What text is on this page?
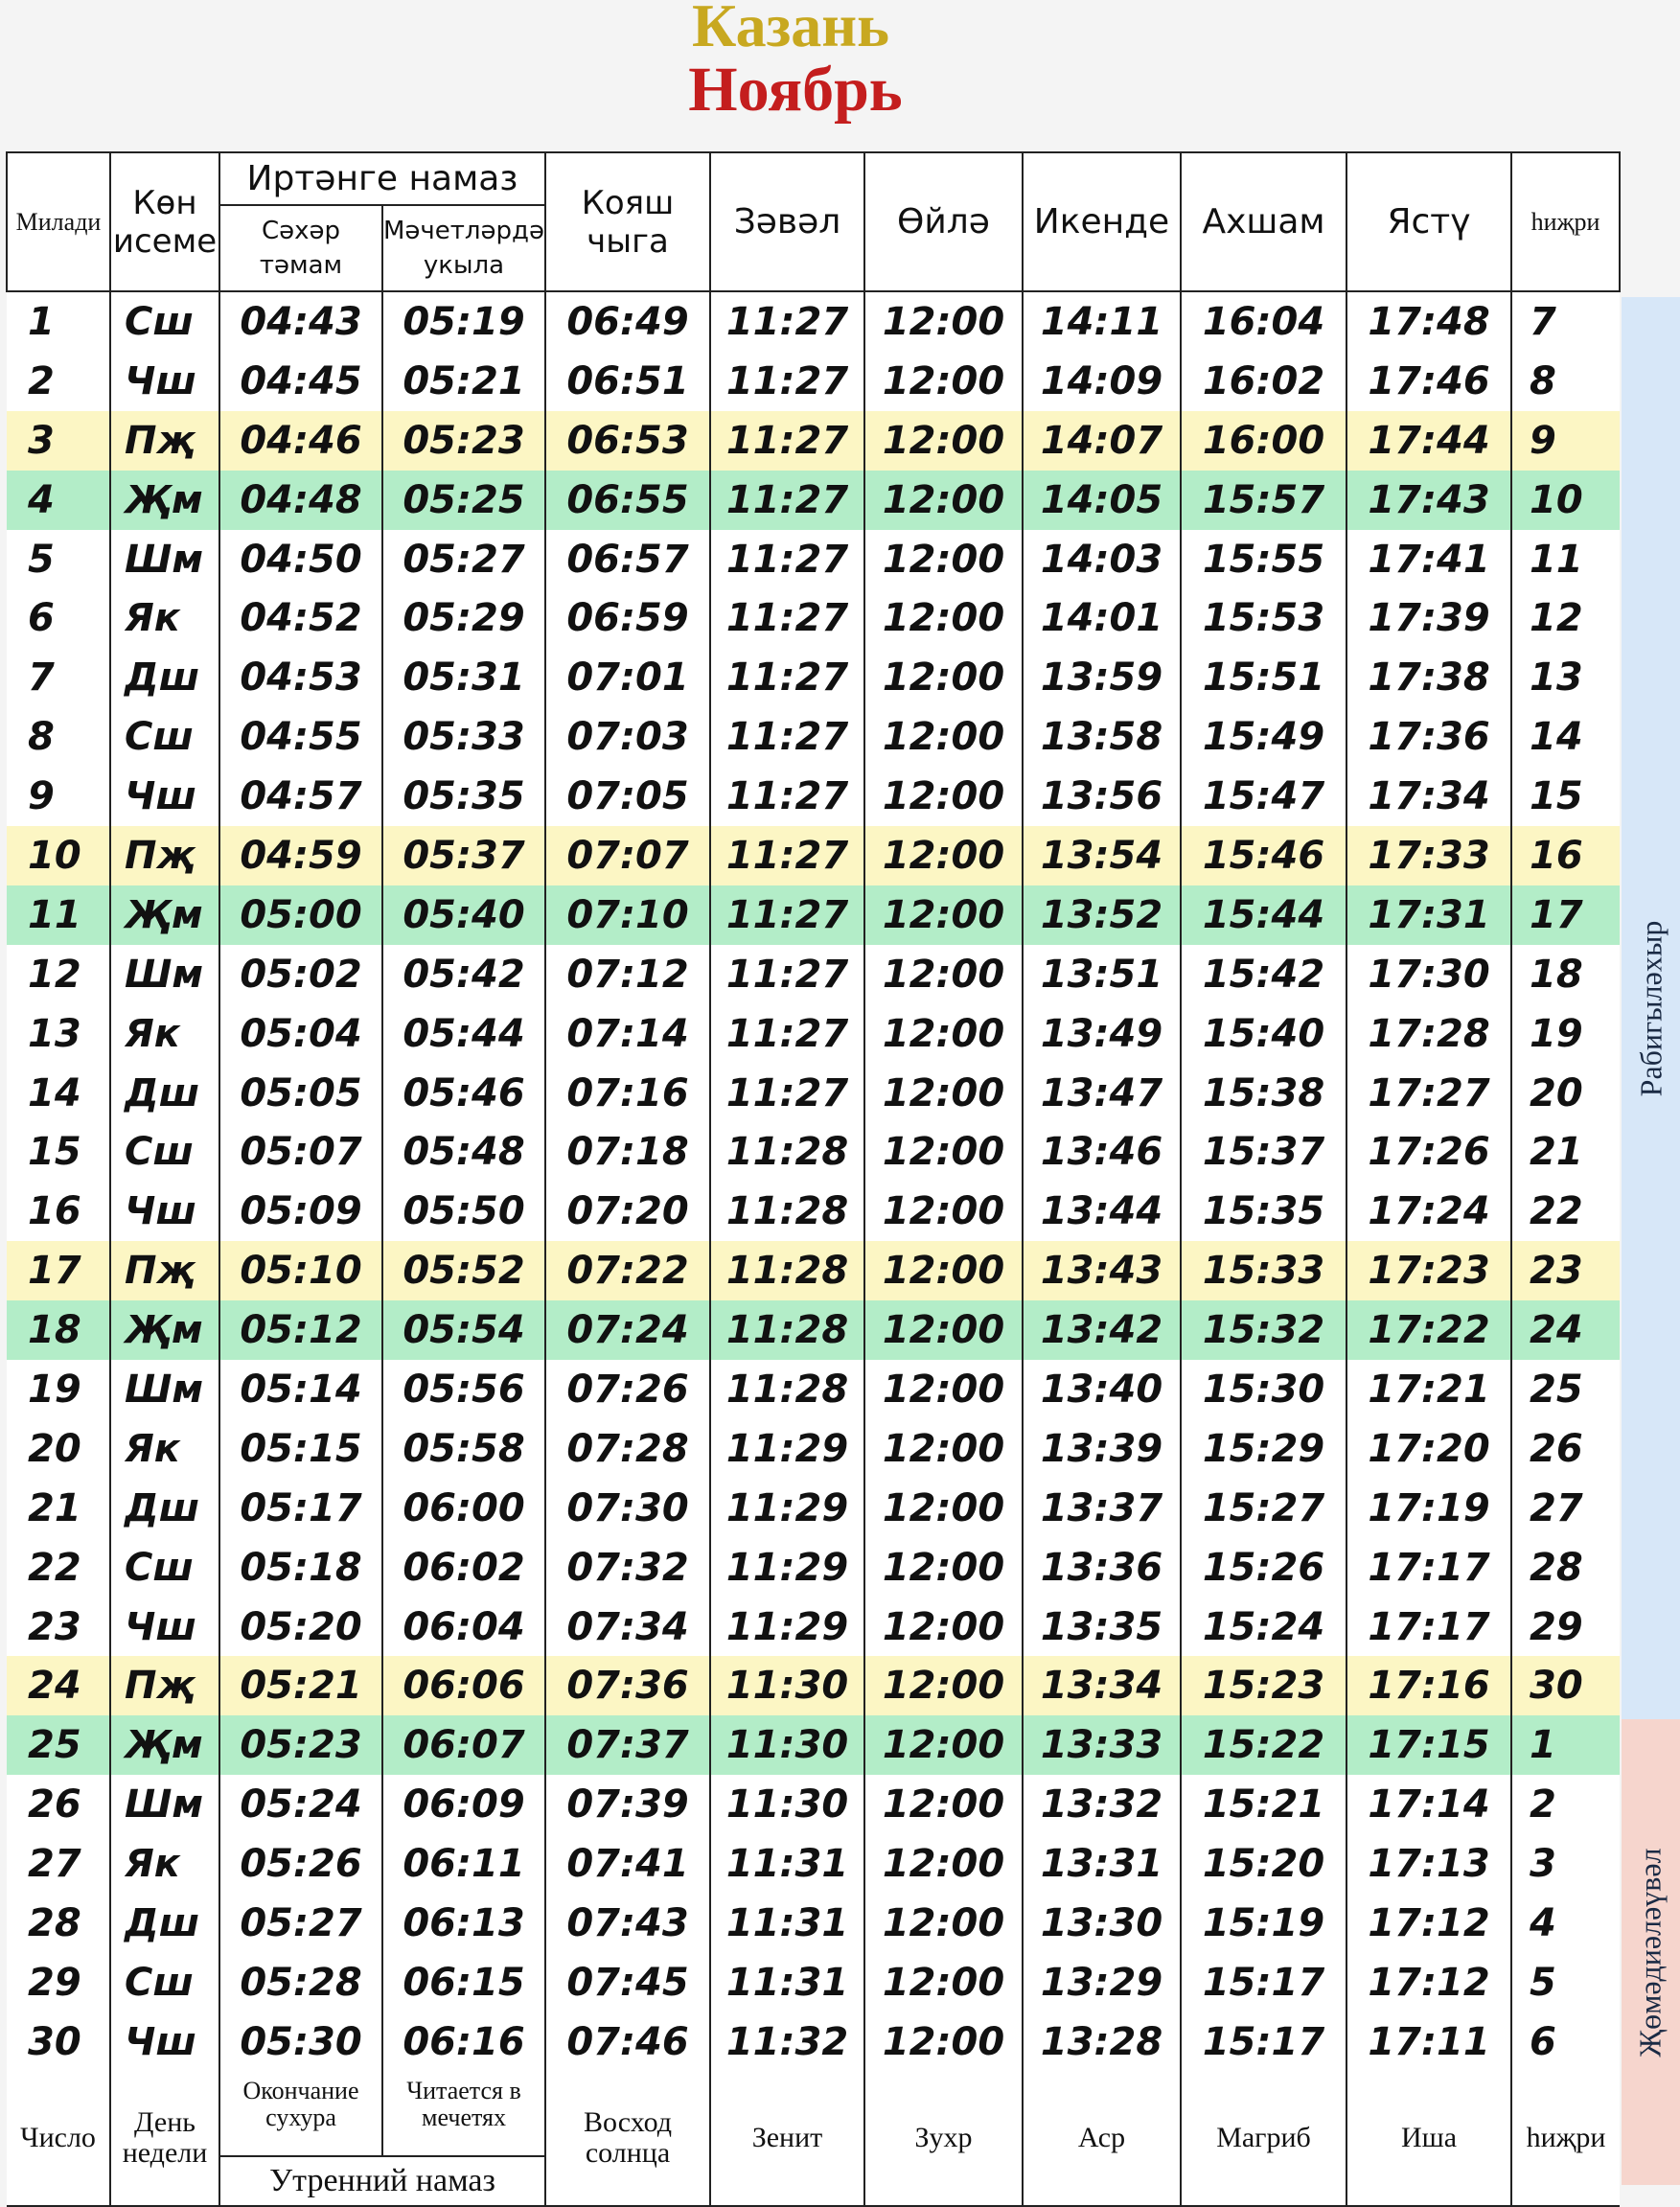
Казань
Ноябрь
Милади	Көн исеме	Иртәнге намаз		Кояш чыга	Зәвәл	Өйлә	Икенде	Ахшам	Ястү	һиҗри
		Сәхәр тәмам	Мәчетләрдә укыла							
1	Сш	04:43	05:19	06:49	11:27	12:00	14:11	16:04	17:48	7
2	Чш	04:45	05:21	06:51	11:27	12:00	14:09	16:02	17:46	8
3	Пҗ	04:46	05:23	06:53	11:27	12:00	14:07	16:00	17:44	9
4	Җм	04:48	05:25	06:55	11:27	12:00	14:05	15:57	17:43	10
5	Шм	04:50	05:27	06:57	11:27	12:00	14:03	15:55	17:41	11
6	Як	04:52	05:29	06:59	11:27	12:00	14:01	15:53	17:39	12
7	Дш	04:53	05:31	07:01	11:27	12:00	13:59	15:51	17:38	13
8	Сш	04:55	05:33	07:03	11:27	12:00	13:58	15:49	17:36	14
9	Чш	04:57	05:35	07:05	11:27	12:00	13:56	15:47	17:34	15
10	Пҗ	04:59	05:37	07:07	11:27	12:00	13:54	15:46	17:33	16
11	Җм	05:00	05:40	07:10	11:27	12:00	13:52	15:44	17:31	17
12	Шм	05:02	05:42	07:12	11:27	12:00	13:51	15:42	17:30	18
13	Як	05:04	05:44	07:14	11:27	12:00	13:49	15:40	17:28	19
14	Дш	05:05	05:46	07:16	11:27	12:00	13:47	15:38	17:27	20
15	Сш	05:07	05:48	07:18	11:28	12:00	13:46	15:37	17:26	21
16	Чш	05:09	05:50	07:20	11:28	12:00	13:44	15:35	17:24	22
17	Пҗ	05:10	05:52	07:22	11:28	12:00	13:43	15:33	17:23	23
18	Җм	05:12	05:54	07:24	11:28	12:00	13:42	15:32	17:22	24
19	Шм	05:14	05:56	07:26	11:28	12:00	13:40	15:30	17:21	25
20	Як	05:15	05:58	07:28	11:29	12:00	13:39	15:29	17:20	26
21	Дш	05:17	06:00	07:30	11:29	12:00	13:37	15:27	17:19	27
22	Сш	05:18	06:02	07:32	11:29	12:00	13:36	15:26	17:17	28
23	Чш	05:20	06:04	07:34	11:29	12:00	13:35	15:24	17:17	29
24	Пҗ	05:21	06:06	07:36	11:30	12:00	13:34	15:23	17:16	30
25	Җм	05:23	06:07	07:37	11:30	12:00	13:33	15:22	17:15	1
26	Шм	05:24	06:09	07:39	11:30	12:00	13:32	15:21	17:14	2
27	Як	05:26	06:11	07:41	11:31	12:00	13:31	15:20	17:13	3
28	Дш	05:27	06:13	07:43	11:31	12:00	13:30	15:19	17:12	4
29	Сш	05:28	06:15	07:45	11:31	12:00	13:29	15:17	17:12	5
30	Чш	05:30	06:16	07:46	11:32	12:00	13:28	15:17	17:11	6
Число	День недели	Окончание сухура	Читается в мечетях	Восход солнца	Зенит	Зухр	Аср	Магриб	Иша	һиҗри
		Утренний намаз								
Рабигыләхыр
Җөмәдиәләүвәл
